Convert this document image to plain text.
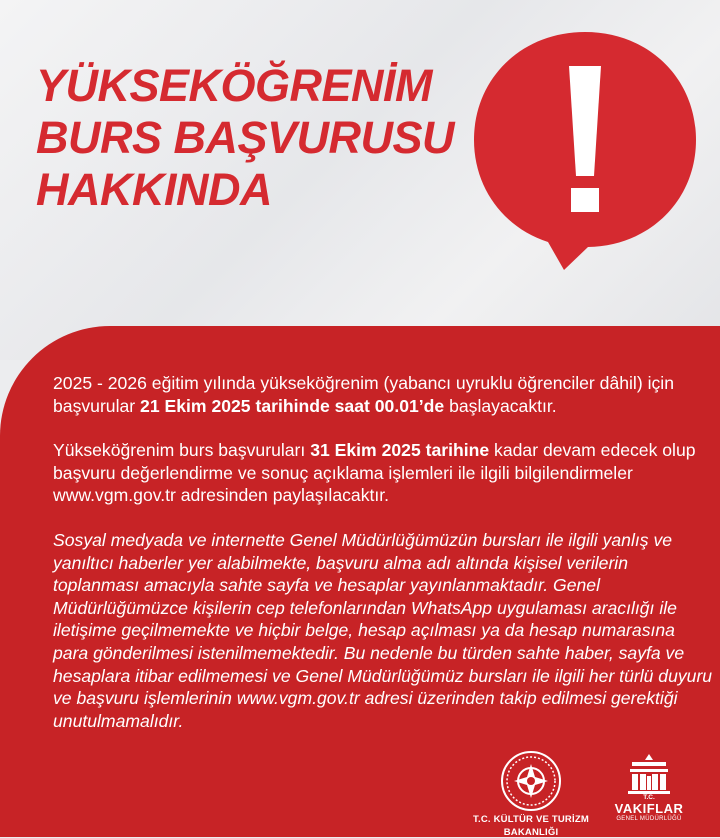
YÜKSEKÖĞRENİM
BURS BAŞVURUSU
HAKKINDA

2025 - 2026 eğitim yılında yükseköğrenim (yabancı uyruklu öğrenciler dâhil) için başvurular 21 Ekim 2025 tarihinde saat 00.01’de başlayacaktır.

Yükseköğrenim burs başvuruları 31 Ekim 2025 tarihine kadar devam edecek olup başvuru değerlendirme ve sonuç açıklama işlemleri ile ilgili bilgilendirmeler www.vgm.gov.tr adresinden paylaşılacaktır.

Sosyal medyada ve internette Genel Müdürlüğümüzün bursları ile ilgili yanlış ve yanıltıcı haberler yer alabilmekte, başvuru alma adı altında kişisel verilerin toplanması amacıyla sahte sayfa ve hesaplar yayınlanmaktadır. Genel Müdürlüğümüzce kişilerin cep telefonlarından WhatsApp uygulaması aracılığı ile iletişime geçilmemekte ve hiçbir belge, hesap açılması ya da hesap numarasına para gönderilmesi istenilmemektedir. Bu nedenle bu türden sahte haber, sayfa ve hesaplara itibar edilmemesi ve Genel Müdürlüğümüz bursları ile ilgili her türlü duyuru ve başvuru işlemlerinin www.vgm.gov.tr adresi üzerinden takip edilmesi gerektiği unutulmamalıdır.

T.C. KÜLTÜR VE TURİZM
BAKANLIĞI
T.C.
VAKIFLAR
GENEL MÜDÜRLÜĞÜ
